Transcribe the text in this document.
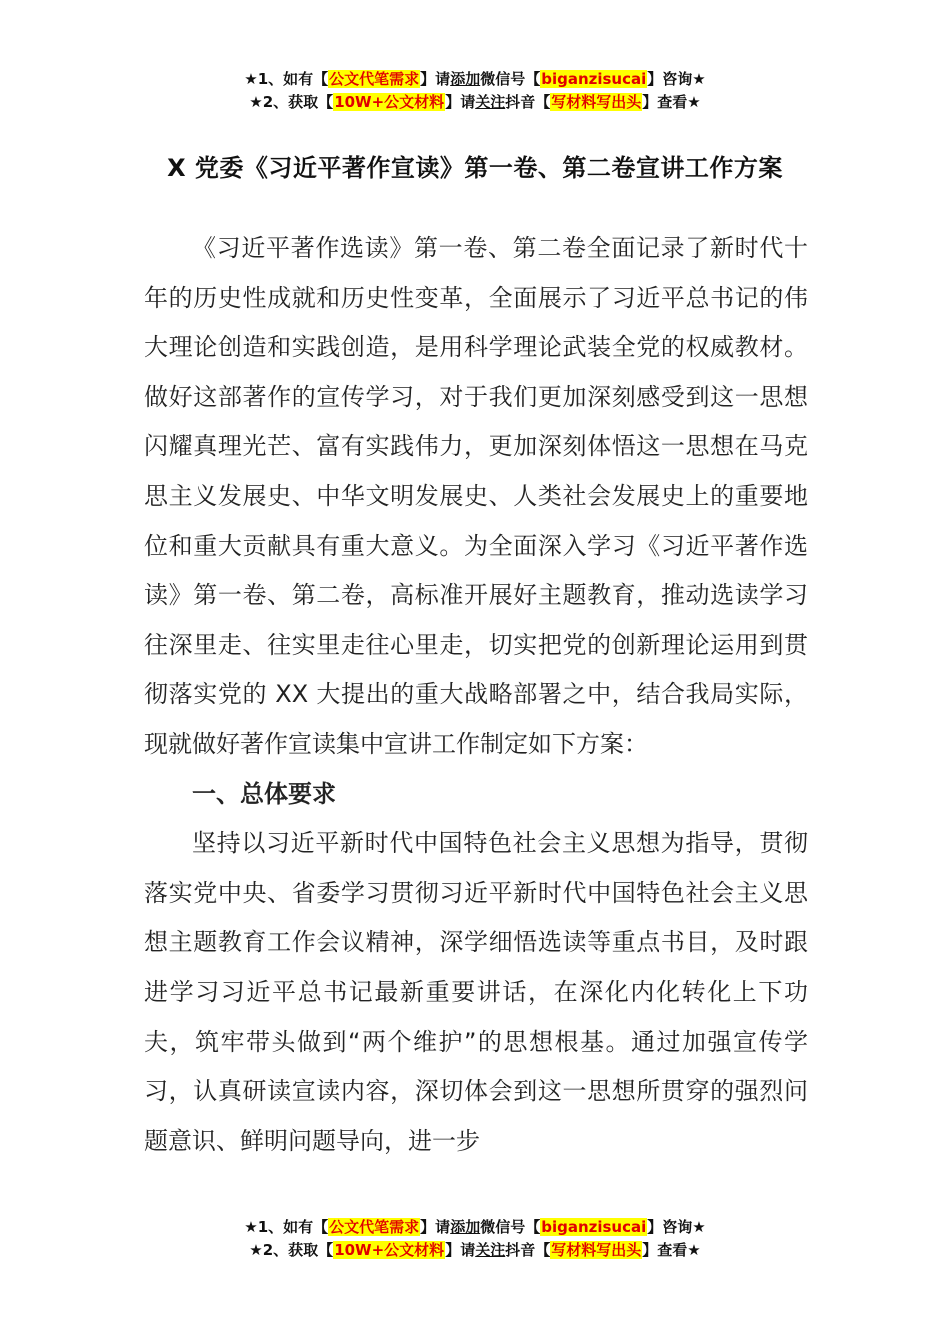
★1、如有【公文代笔需求】请添加微信号【biganzisucai】咨询★
★2、获取【10W+公文材料】请关注抖音【写材料写出头】查看★
X 党委《习近平著作宣读》第一卷、第二卷宣讲工作方案

《习近平著作选读》第一卷、第二卷全面记录了新时代十年的历史性成就和历史性变革，全面展示了习近平总书记的伟大理论创造和实践创造，是用科学理论武装全党的权威教材。做好这部著作的宣传学习，对于我们更加深刻感受到这一思想闪耀真理光芒、富有实践伟力，更加深刻体悟这一思想在马克思主义发展史、中华文明发展史、人类社会发展史上的重要地位和重大贡献具有重大意义。为全面深入学习《习近平著作选读》第一卷、第二卷，高标准开展好主题教育，推动选读学习往深里走、往实里走往心里走，切实把党的创新理论运用到贯彻落实党的 XX 大提出的重大战略部署之中，结合我局实际，现就做好著作宣读集中宣讲工作制定如下方案：

一、总体要求

坚持以习近平新时代中国特色社会主义思想为指导，贯彻落实党中央、省委学习贯彻习近平新时代中国特色社会主义思想主题教育工作会议精神，深学细悟选读等重点书目，及时跟进学习习近平总书记最新重要讲话，在深化内化转化上下功夫，筑牢带头做到“两个维护”的思想根基。通过加强宣传学习，认真研读宣读内容，深切体会到这一思想所贯穿的强烈问题意识、鲜明问题导向，进一步

★1、如有【公文代笔需求】请添加微信号【biganzisucai】咨询★
★2、获取【10W+公文材料】请关注抖音【写材料写出头】查看★
